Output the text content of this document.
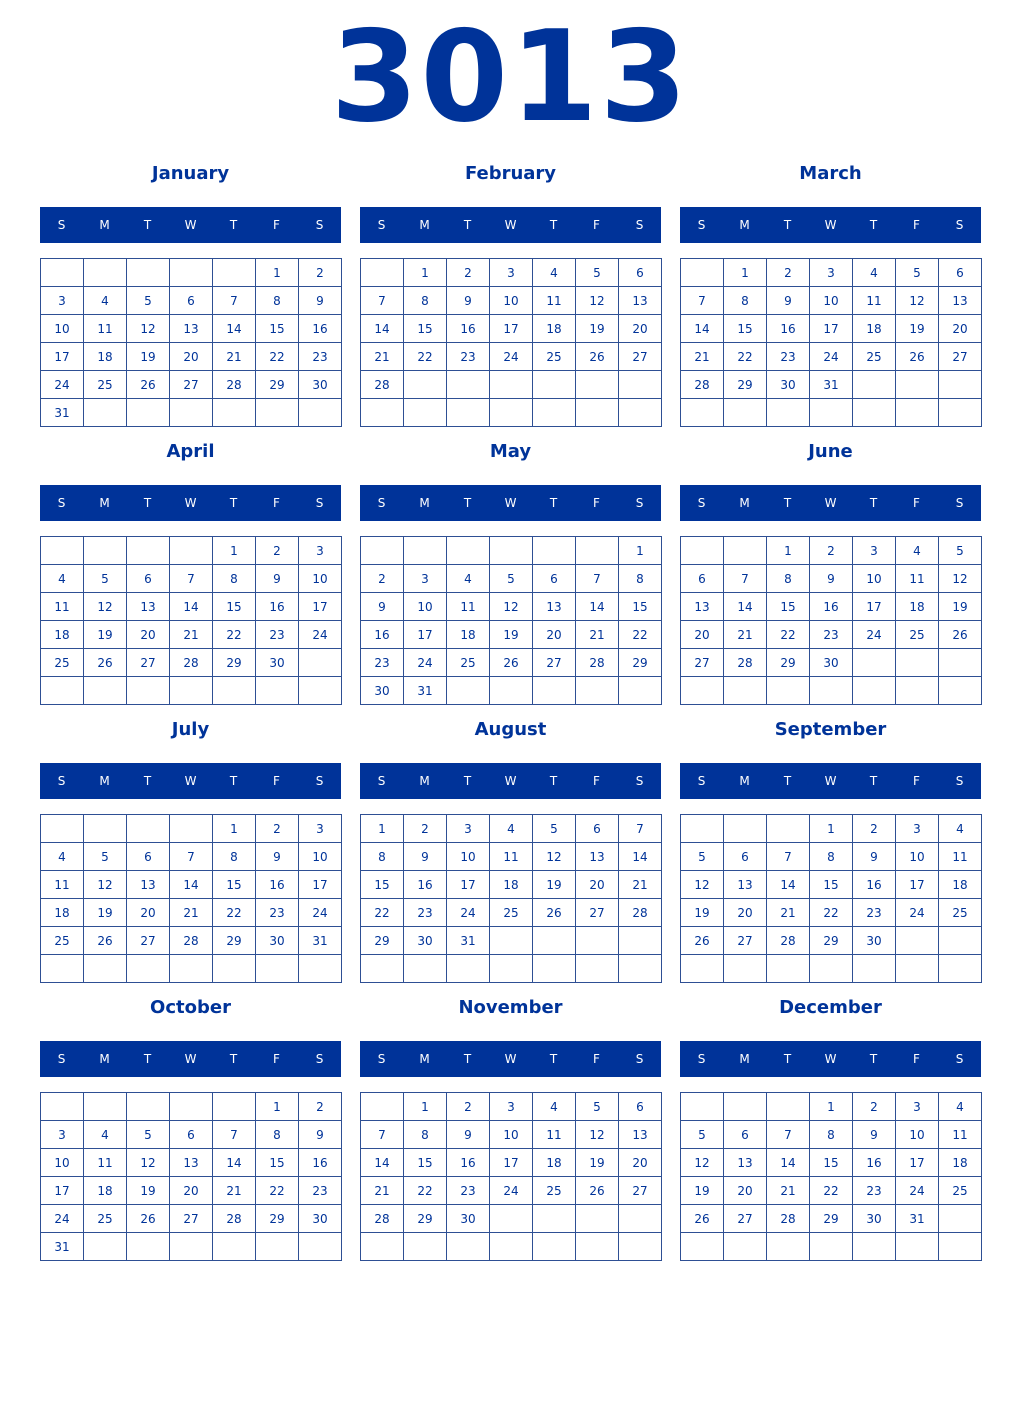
3013
January
S	M	T	W	T	F	S
					1	2
3	4	5	6	7	8	9
10	11	12	13	14	15	16
17	18	19	20	21	22	23
24	25	26	27	28	29	30
31						
February
S	M	T	W	T	F	S
	1	2	3	4	5	6
7	8	9	10	11	12	13
14	15	16	17	18	19	20
21	22	23	24	25	26	27
28						

March
S	M	T	W	T	F	S
	1	2	3	4	5	6
7	8	9	10	11	12	13
14	15	16	17	18	19	20
21	22	23	24	25	26	27
28	29	30	31			

April
S	M	T	W	T	F	S
				1	2	3
4	5	6	7	8	9	10
11	12	13	14	15	16	17
18	19	20	21	22	23	24
25	26	27	28	29	30	

May
S	M	T	W	T	F	S
						1
2	3	4	5	6	7	8
9	10	11	12	13	14	15
16	17	18	19	20	21	22
23	24	25	26	27	28	29
30	31					
June
S	M	T	W	T	F	S
		1	2	3	4	5
6	7	8	9	10	11	12
13	14	15	16	17	18	19
20	21	22	23	24	25	26
27	28	29	30			

July
S	M	T	W	T	F	S
				1	2	3
4	5	6	7	8	9	10
11	12	13	14	15	16	17
18	19	20	21	22	23	24
25	26	27	28	29	30	31

August
S	M	T	W	T	F	S
1	2	3	4	5	6	7
8	9	10	11	12	13	14
15	16	17	18	19	20	21
22	23	24	25	26	27	28
29	30	31				

September
S	M	T	W	T	F	S
			1	2	3	4
5	6	7	8	9	10	11
12	13	14	15	16	17	18
19	20	21	22	23	24	25
26	27	28	29	30		

October
S	M	T	W	T	F	S
					1	2
3	4	5	6	7	8	9
10	11	12	13	14	15	16
17	18	19	20	21	22	23
24	25	26	27	28	29	30
31						
November
S	M	T	W	T	F	S
	1	2	3	4	5	6
7	8	9	10	11	12	13
14	15	16	17	18	19	20
21	22	23	24	25	26	27
28	29	30				

December
S	M	T	W	T	F	S
			1	2	3	4
5	6	7	8	9	10	11
12	13	14	15	16	17	18
19	20	21	22	23	24	25
26	27	28	29	30	31	
